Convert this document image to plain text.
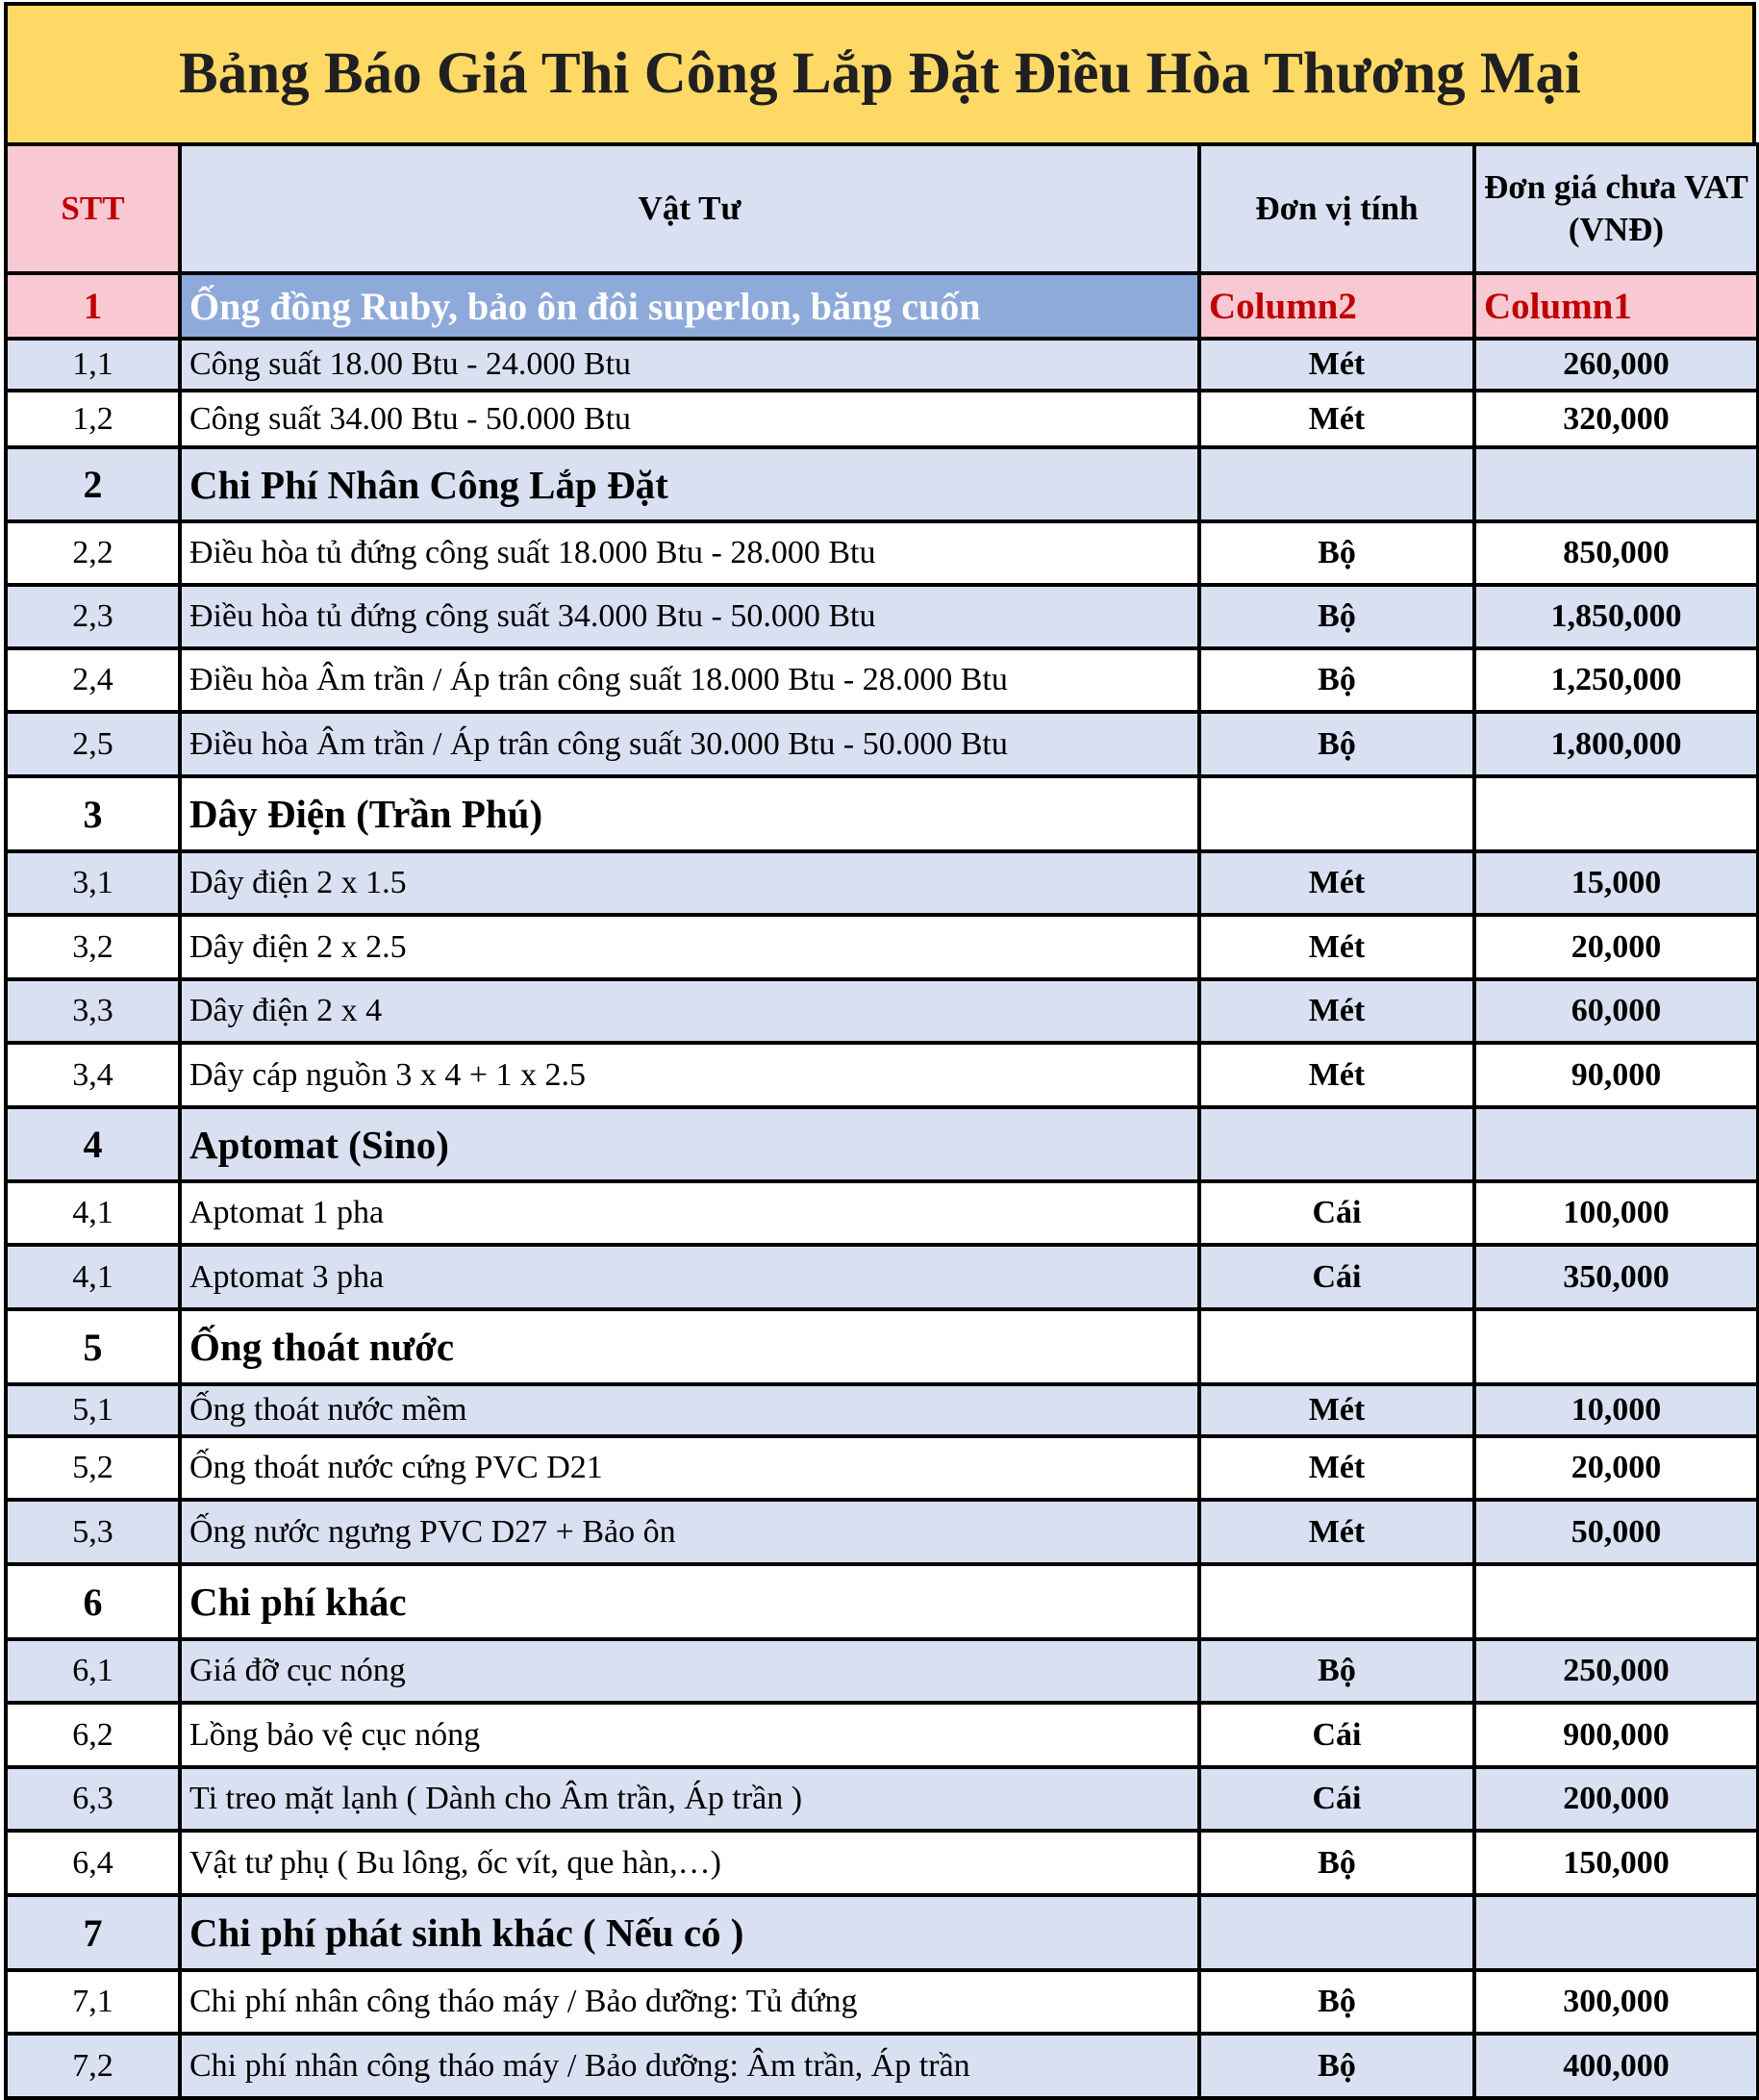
Bảng Báo Giá Thi Công Lắp Đặt Điều Hòa Thương Mại
STT	Vật Tư	Đơn vị tính	Đơn giá chưa VAT (VNĐ)
1	Ống đồng Ruby, bảo ôn đôi superlon, băng cuốn	Column2	Column1
1,1	Công suất 18.00 Btu - 24.000 Btu	Mét	260,000
1,2	Công suất 34.00 Btu - 50.000 Btu	Mét	320,000
2	Chi Phí Nhân Công Lắp Đặt		
2,2	Điều hòa tủ đứng công suất 18.000 Btu - 28.000 Btu	Bộ	850,000
2,3	Điều hòa tủ đứng công suất 34.000 Btu - 50.000 Btu	Bộ	1,850,000
2,4	Điều hòa Âm trần / Áp trân công suất 18.000 Btu - 28.000 Btu	Bộ	1,250,000
2,5	Điều hòa Âm trần / Áp trân công suất 30.000 Btu - 50.000 Btu	Bộ	1,800,000
3	Dây Điện (Trần Phú)		
3,1	Dây điện 2 x 1.5	Mét	15,000
3,2	Dây điện 2 x 2.5	Mét	20,000
3,3	Dây điện 2 x 4	Mét	60,000
3,4	Dây cáp nguồn 3 x 4 + 1 x 2.5	Mét	90,000
4	Aptomat (Sino)		
4,1	Aptomat 1 pha	Cái	100,000
4,1	Aptomat 3 pha	Cái	350,000
5	Ống thoát nước		
5,1	Ống thoát nước mềm	Mét	10,000
5,2	Ống thoát nước cứng PVC D21	Mét	20,000
5,3	Ống nước ngưng PVC D27 + Bảo ôn	Mét	50,000
6	Chi phí khác		
6,1	Giá đỡ cục nóng	Bộ	250,000
6,2	Lồng bảo vệ cục nóng	Cái	900,000
6,3	Ti treo mặt lạnh ( Dành cho Âm trần, Áp trần )	Cái	200,000
6,4	Vật tư phụ ( Bu lông, ốc vít, que hàn,…)	Bộ	150,000
7	Chi phí phát sinh khác ( Nếu có )		
7,1	Chi phí nhân công tháo máy / Bảo dưỡng: Tủ đứng	Bộ	300,000
7,2	Chi phí nhân công tháo máy / Bảo dưỡng: Âm trần, Áp trần	Bộ	400,000
